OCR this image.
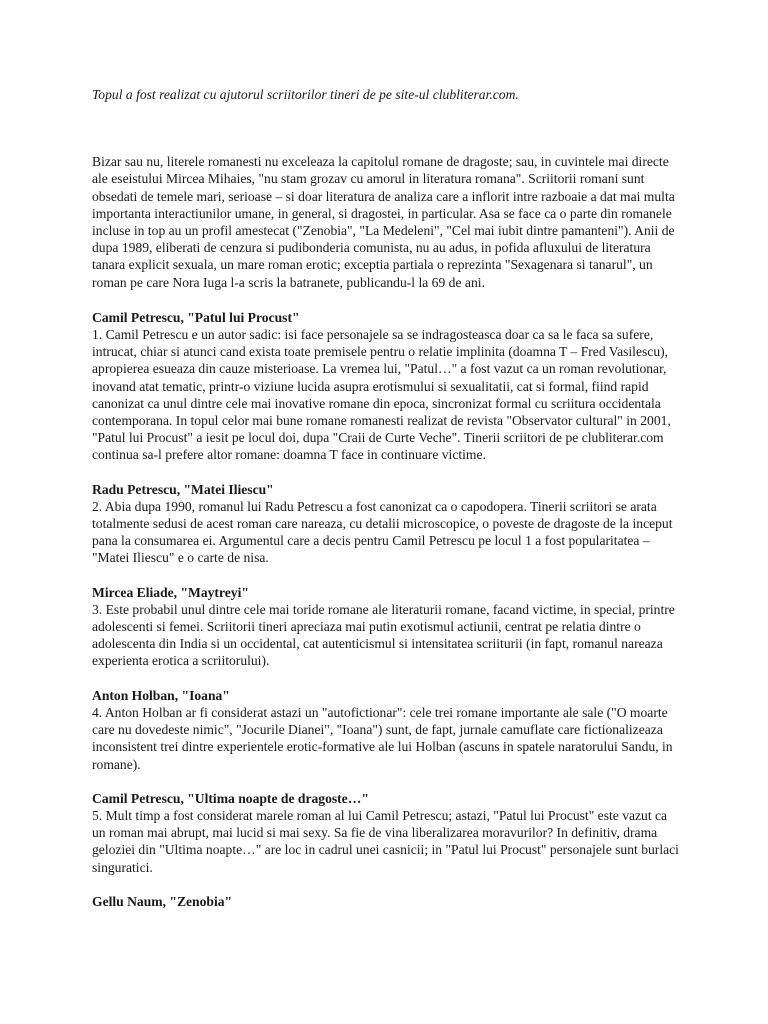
Topul a fost realizat cu ajutorul scriitorilor tineri de pe site-ul clubliterar.com.

Bizar sau nu, literele romanesti nu exceleaza la capitolul romane de dragoste; sau, in cuvintele mai directe ale eseistului Mircea Mihaies, "nu stam grozav cu amorul in literatura romana". Scriitorii romani sunt obsedati de temele mari, serioase – si doar literatura de analiza care a inflorit intre razboaie a dat mai multa importanta interactiunilor umane, in general, si dragostei, in particular. Asa se face ca o parte din romanele incluse in top au un profil amestecat ("Zenobia", "La Medeleni", "Cel mai iubit dintre pamanteni"). Anii de dupa 1989, eliberati de cenzura si pudibonderia comunista, nu au adus, in pofida afluxului de literatura tanara explicit sexuala, un mare roman erotic; exceptia partiala o reprezinta "Sexagenara si tanarul", un roman pe care Nora Iuga l-a scris la batranete, publicandu-l la 69 de ani.

Camil Petrescu, "Patul lui Procust"

1. Camil Petrescu e un autor sadic: isi face personajele sa se indragosteasca doar ca sa le faca sa sufere, intrucat, chiar si atunci cand exista toate premisele pentru o relatie implinita (doamna T – Fred Vasilescu), apropierea esueaza din cauze misterioase. La vremea lui, "Patul…" a fost vazut ca un roman revolutionar, inovand atat tematic, printr-o viziune lucida asupra erotismului si sexualitatii, cat si formal, fiind rapid canonizat ca unul dintre cele mai inovative romane din epoca, sincronizat formal cu scriitura occidentala contemporana. In topul celor mai bune romane romanesti realizat de revista "Observator cultural" in 2001, "Patul lui Procust" a iesit pe locul doi, dupa "Craii de Curte Veche". Tinerii scriitori de pe clubliterar.com continua sa-l prefere altor romane: doamna T face in continuare victime.

Radu Petrescu, "Matei Iliescu"

2. Abia dupa 1990, romanul lui Radu Petrescu a fost canonizat ca o capodopera. Tinerii scriitori se arata totalmente sedusi de acest roman care nareaza, cu detalii microscopice, o poveste de dragoste de la inceput pana la consumarea ei. Argumentul care a decis pentru Camil Petrescu pe locul 1 a fost popularitatea – "Matei Iliescu" e o carte de nisa.

Mircea Eliade, "Maytreyi"

3. Este probabil unul dintre cele mai toride romane ale literaturii romane, facand victime, in special, printre adolescenti si femei. Scriitorii tineri apreciaza mai putin exotismul actiunii, centrat pe relatia dintre o adolescenta din India si un occidental, cat autenticismul si intensitatea scriiturii (in fapt, romanul nareaza experienta erotica a scriitorului).

Anton Holban, "Ioana"

4. Anton Holban ar fi considerat astazi un "autofictionar": cele trei romane importante ale sale ("O moarte care nu dovedeste nimic", "Jocurile Dianei", "Ioana") sunt, de fapt, jurnale camuflate care fictionalizeaza inconsistent trei dintre experientele erotic-formative ale lui Holban (ascuns in spatele naratorului Sandu, in romane).

Camil Petrescu, "Ultima noapte de dragoste…"

5. Mult timp a fost considerat marele roman al lui Camil Petrescu; astazi, "Patul lui Procust" este vazut ca un roman mai abrupt, mai lucid si mai sexy. Sa fie de vina liberalizarea moravurilor? In definitiv, drama geloziei din "Ultima noapte…" are loc in cadrul unei casnicii; in "Patul lui Procust" personajele sunt burlaci singuratici.

Gellu Naum, "Zenobia"
